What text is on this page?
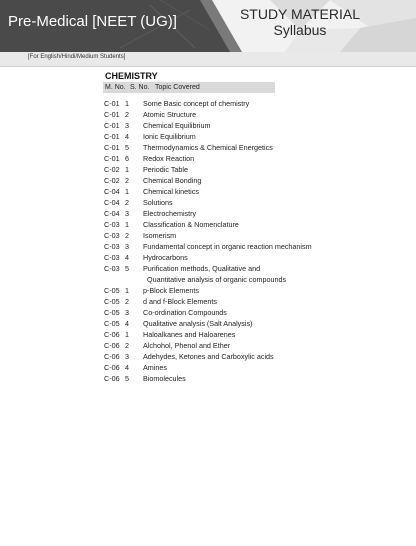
Pre-Medical [NEET (UG)]	STUDY MATERIAL
Syllabus
[For English/Hindi/Medium Students]
CHEMISTRY
M. No. S. No. Topic Covered
C-01 1 Some Basic concept of chemistry
C-01 2 Atomic Structure
C-01 3 Chemical Equilibrium
C-01 4 Ionic Equilibrium
C-01 5 Thermodynamics & Chemical Energetics
C-01 6 Redox Reaction
C-02 1 Periodic Table
C-02 2 Chemical Bonding
C-04 1 Chemical kinetics
C-04 2 Solutions
C-04 3 Electrochemistry
C-03 1 Classification & Nomenclature
C-03 2 Isomerism
C-03 3 Fundamental concept in organic reaction mechanism
C-03 4 Hydrocarbons
C-03 5 Purification methods, Qualitative and
Quantitative analysis of organic compounds
C-05 1 p-Block Elements
C-05 2 d and f-Block Elements
C-05 3 Co-ordination Compounds
C-05 4 Qualitative analysis (Salt Analysis)
C-06 1 Haloalkanes and Haloarenes
C-06 2 Alchohol, Phenol and Ether
C-06 3 Adehydes, Ketones and Carboxylic acids
C-06 4 Amines
C-06 5 Biomolecules
